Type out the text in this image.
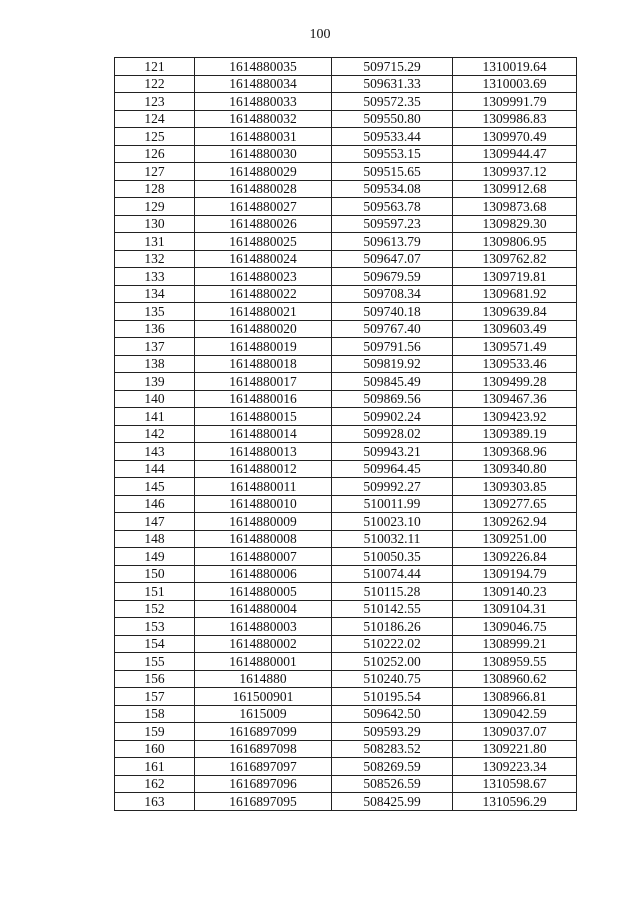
100
121	1614880035	509715.29	1310019.64
122	1614880034	509631.33	1310003.69
123	1614880033	509572.35	1309991.79
124	1614880032	509550.80	1309986.83
125	1614880031	509533.44	1309970.49
126	1614880030	509553.15	1309944.47
127	1614880029	509515.65	1309937.12
128	1614880028	509534.08	1309912.68
129	1614880027	509563.78	1309873.68
130	1614880026	509597.23	1309829.30
131	1614880025	509613.79	1309806.95
132	1614880024	509647.07	1309762.82
133	1614880023	509679.59	1309719.81
134	1614880022	509708.34	1309681.92
135	1614880021	509740.18	1309639.84
136	1614880020	509767.40	1309603.49
137	1614880019	509791.56	1309571.49
138	1614880018	509819.92	1309533.46
139	1614880017	509845.49	1309499.28
140	1614880016	509869.56	1309467.36
141	1614880015	509902.24	1309423.92
142	1614880014	509928.02	1309389.19
143	1614880013	509943.21	1309368.96
144	1614880012	509964.45	1309340.80
145	1614880011	509992.27	1309303.85
146	1614880010	510011.99	1309277.65
147	1614880009	510023.10	1309262.94
148	1614880008	510032.11	1309251.00
149	1614880007	510050.35	1309226.84
150	1614880006	510074.44	1309194.79
151	1614880005	510115.28	1309140.23
152	1614880004	510142.55	1309104.31
153	1614880003	510186.26	1309046.75
154	1614880002	510222.02	1308999.21
155	1614880001	510252.00	1308959.55
156	1614880	510240.75	1308960.62
157	161500901	510195.54	1308966.81
158	1615009	509642.50	1309042.59
159	1616897099	509593.29	1309037.07
160	1616897098	508283.52	1309221.80
161	1616897097	508269.59	1309223.34
162	1616897096	508526.59	1310598.67
163	1616897095	508425.99	1310596.29
